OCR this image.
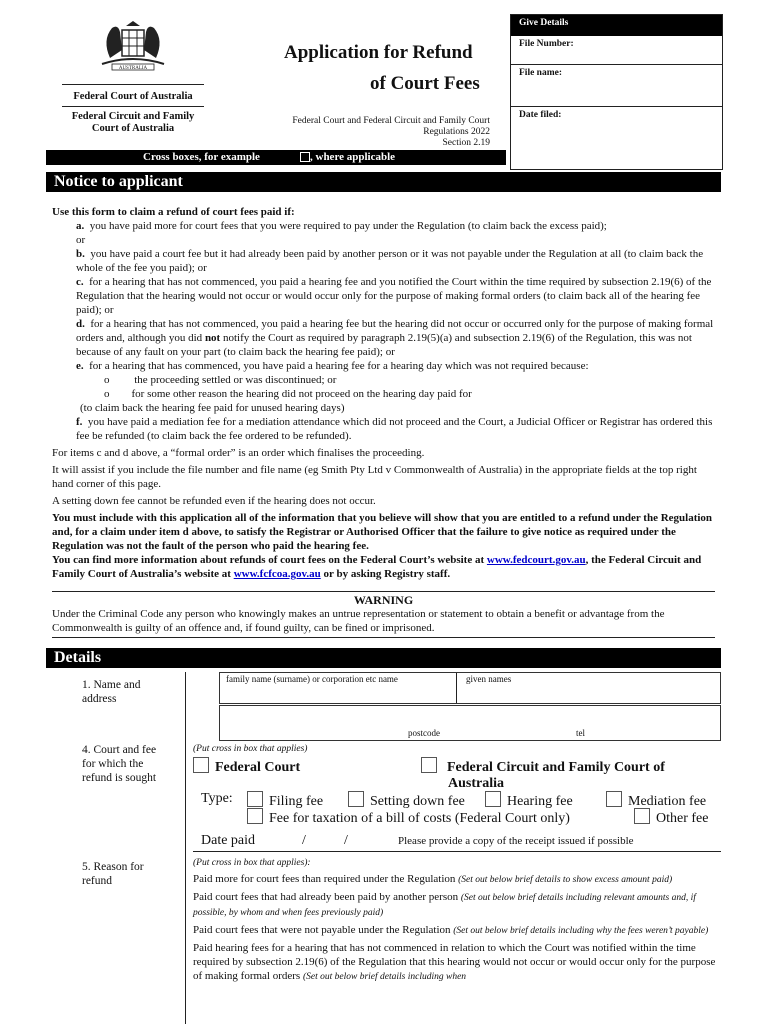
AUSTRALIA
Federal Court of Australia
Federal Circuit and Family
Court of Australia
Application for Refund
of Court Fees
Federal Court and Federal Circuit and Family Court
Regulations 2022
Section 2.19
Give Details
File Number:
File name:
Date filed:
Cross boxes, for example	, where applicable
Notice to applicant

Use this form to claim a refund of court fees paid if:

a. you have paid more for court fees that you were required to pay under the Regulation (to claim back the excess paid);

or

b. you have paid a court fee but it had already been paid by another person or it was not payable under the Regulation at all (to claim back the whole of the fee you paid); or

c. for a hearing that has not commenced, you paid a hearing fee and you notified the Court within the time required by subsection 2.19(6) of the Regulation that the hearing would not occur or would occur only for the purpose of making formal orders (to claim back all of the hearing fee paid); or

d. for a hearing that has not commenced, you paid a hearing fee but the hearing did not occur or occurred only for the purpose of making formal orders and, although you did not notify the Court as required by paragraph 2.19(5)(a) and subsection 2.19(6) of the Regulation, this was not because of any fault on your part (to claim back the hearing fee paid); or

e. for a hearing that has commenced, you have paid a hearing fee for a hearing day which was not required because:

o the proceeding settled or was discontinued; or

o for some other reason the hearing did not proceed on the hearing day paid for

(to claim back the hearing fee paid for unused hearing days)

f. you have paid a mediation fee for a mediation attendance which did not proceed and the Court, a Judicial Officer or Registrar has ordered this fee be refunded (to claim back the fee ordered to be refunded).

For items c and d above, a “formal order” is an order which finalises the proceeding.

It will assist if you include the file number and file name (eg Smith Pty Ltd v Commonwealth of Australia) in the appropriate fields at the top right hand corner of this page.

A setting down fee cannot be refunded even if the hearing does not occur.

You must include with this application all of the information that you believe will show that you are entitled to a refund under the Regulation and, for a claim under item d above, to satisfy the Registrar or Authorised Officer that the failure to give notice as required under the Regulation was not the fault of the person who paid the hearing fee.

You can find more information about refunds of court fees on the Federal Court’s website at www.fedcourt.gov.au, the Federal Circuit and Family Court of Australia’s website at www.fcfcoa.gov.au or by asking Registry staff.

WARNING
Under the Criminal Code any person who knowingly makes an untrue representation or statement to obtain a benefit or advantage from the Commonwealth is guilty of an offence and, if found guilty, can be fined or imprisoned.
Details
1. Name and
address
family name (surname) or corporation etc name	given names
postcode	tel
4. Court and fee
for which the
refund is sought
(Put cross in box that applies)
Federal Court	Federal Circuit and Family Court of
Australia
Type:	Filing fee	Setting down fee	Hearing fee	Mediation fee
Fee for taxation of a bill of costs (Federal Court only)	Other fee
Date paid	/	/	Please provide a copy of the receipt issued if possible
5. Reason for
refund
(Put cross in box that applies):
Paid more for court fees than required under the Regulation (Set out below brief details to show excess amount paid)
Paid court fees that had already been paid by another person (Set out below brief details including relevant amounts and, if possible, by whom and when fees previously paid)
Paid court fees that were not payable under the Regulation (Set out below brief details including why the fees weren’t payable)
Paid hearing fees for a hearing that has not commenced in relation to which the Court was notified within the time required by subsection 2.19(6) of the Regulation that this hearing would not occur or would occur only for the purpose of making formal orders (Set out below brief details including when
